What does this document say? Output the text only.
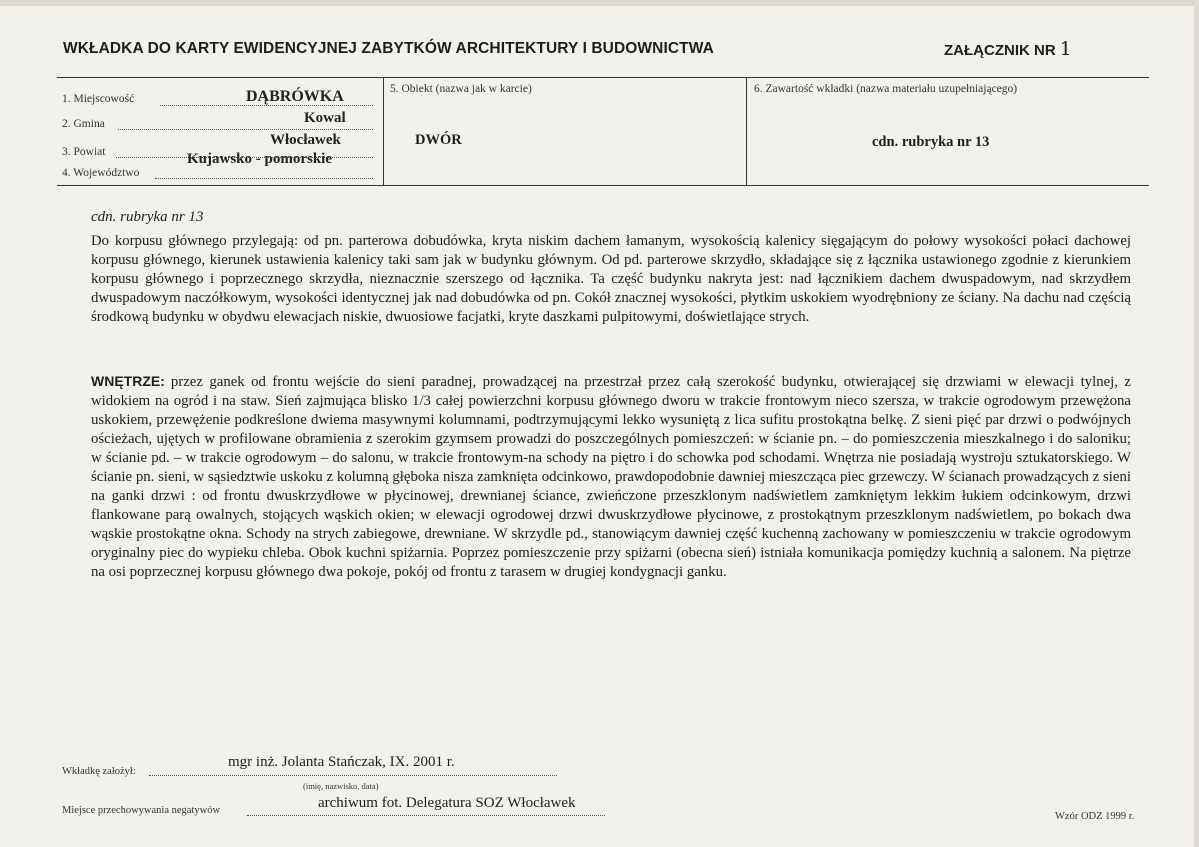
WKŁADKA DO KARTY EWIDENCYJNEJ ZABYTKÓW ARCHITEKTURY I BUDOWNICTWA	ZAŁĄCZNIK NR 1
1. Miejscowość	DĄBRÓWKA
2. Gmina	Kowal
3. Powiat
Włocławek
4. Województwo
Kujawsko - pomorskie
5. Obiekt (nazwa jak w karcie)
DWÓR
6. Zawartość wkładki (nazwa materiału uzupełniającego)
cdn. rubryka nr 13
cdn. rubryka nr 13
Do korpusu głównego przylegają: od pn. parterowa dobudówka, kryta niskim dachem łamanym, wysokością kalenicy sięgającym do połowy wysokości połaci dachowej korpusu głównego, kierunek ustawienia kalenicy taki sam jak w budynku głównym. Od pd. parterowe skrzydło, składające się z łącznika ustawionego zgodnie z kierunkiem korpusu głównego i poprzecznego skrzydła, nieznacznie szerszego od łącznika. Ta część budynku nakryta jest: nad łącznikiem dachem dwuspadowym, nad skrzydłem dwuspadowym naczółkowym, wysokości identycznej jak nad dobudówka od pn. Cokół znacznej wysokości, płytkim uskokiem wyodrębniony ze ściany. Na dachu nad częścią środkową budynku w obydwu elewacjach niskie, dwuosiowe facjatki, kryte daszkami pulpitowymi, doświetlające strych.
WNĘTRZE: przez ganek od frontu wejście do sieni paradnej, prowadzącej na przestrzał przez całą szerokość budynku, otwierającej się drzwiami w elewacji tylnej, z widokiem na ogród i na staw. Sień zajmująca blisko 1/3 całej powierzchni korpusu głównego dworu w trakcie frontowym nieco szersza, w trakcie ogrodowym przewężona uskokiem, przewężenie podkreślone dwiema masywnymi kolumnami, podtrzymującymi lekko wysuniętą z lica sufitu prostokątna belkę. Z sieni pięć par drzwi o podwójnych ościeżach, ujętych w profilowane obramienia z szerokim gzymsem prowadzi do poszczególnych pomieszczeń: w ścianie pn. – do pomieszczenia mieszkalnego i do saloniku; w ścianie pd. – w trakcie ogrodowym – do salonu, w trakcie frontowym-na schody na piętro i do schowka pod schodami. Wnętrza nie posiadają wystroju sztukatorskiego. W ścianie pn. sieni, w sąsiedztwie uskoku z kolumną głęboka nisza zamknięta odcinkowo, prawdopodobnie dawniej mieszcząca piec grzewczy. W ścianach prowadzących z sieni na ganki drzwi : od frontu dwuskrzydłowe w płycinowej, drewnianej ściance, zwieńczone przeszklonym nadświetlem zamkniętym lekkim łukiem odcinkowym, drzwi flankowane parą owalnych, stojących wąskich okien; w elewacji ogrodowej drzwi dwuskrzydłowe płycinowe, z prostokątnym przeszklonym nadświetlem, po bokach dwa wąskie prostokątne okna. Schody na strych zabiegowe, drewniane. W skrzydle pd., stanowiącym dawniej część kuchenną zachowany w pomieszczeniu w trakcie ogrodowym oryginalny piec do wypieku chleba. Obok kuchni spiżarnia. Poprzez pomieszczenie przy spiżarni (obecna sień) istniała komunikacja pomiędzy kuchnią a salonem. Na piętrze na osi poprzecznej korpusu głównego dwa pokoje, pokój od frontu z tarasem w drugiej kondygnacji ganku.
Wkładkę założył:
mgr inż. Jolanta Stańczak, IX. 2001 r.
(imię, nazwisko, data)
Miejsce przechowywania negatywów	archiwum fot. Delegatura SOZ Włocławek
Wzór ODZ 1999 r.
